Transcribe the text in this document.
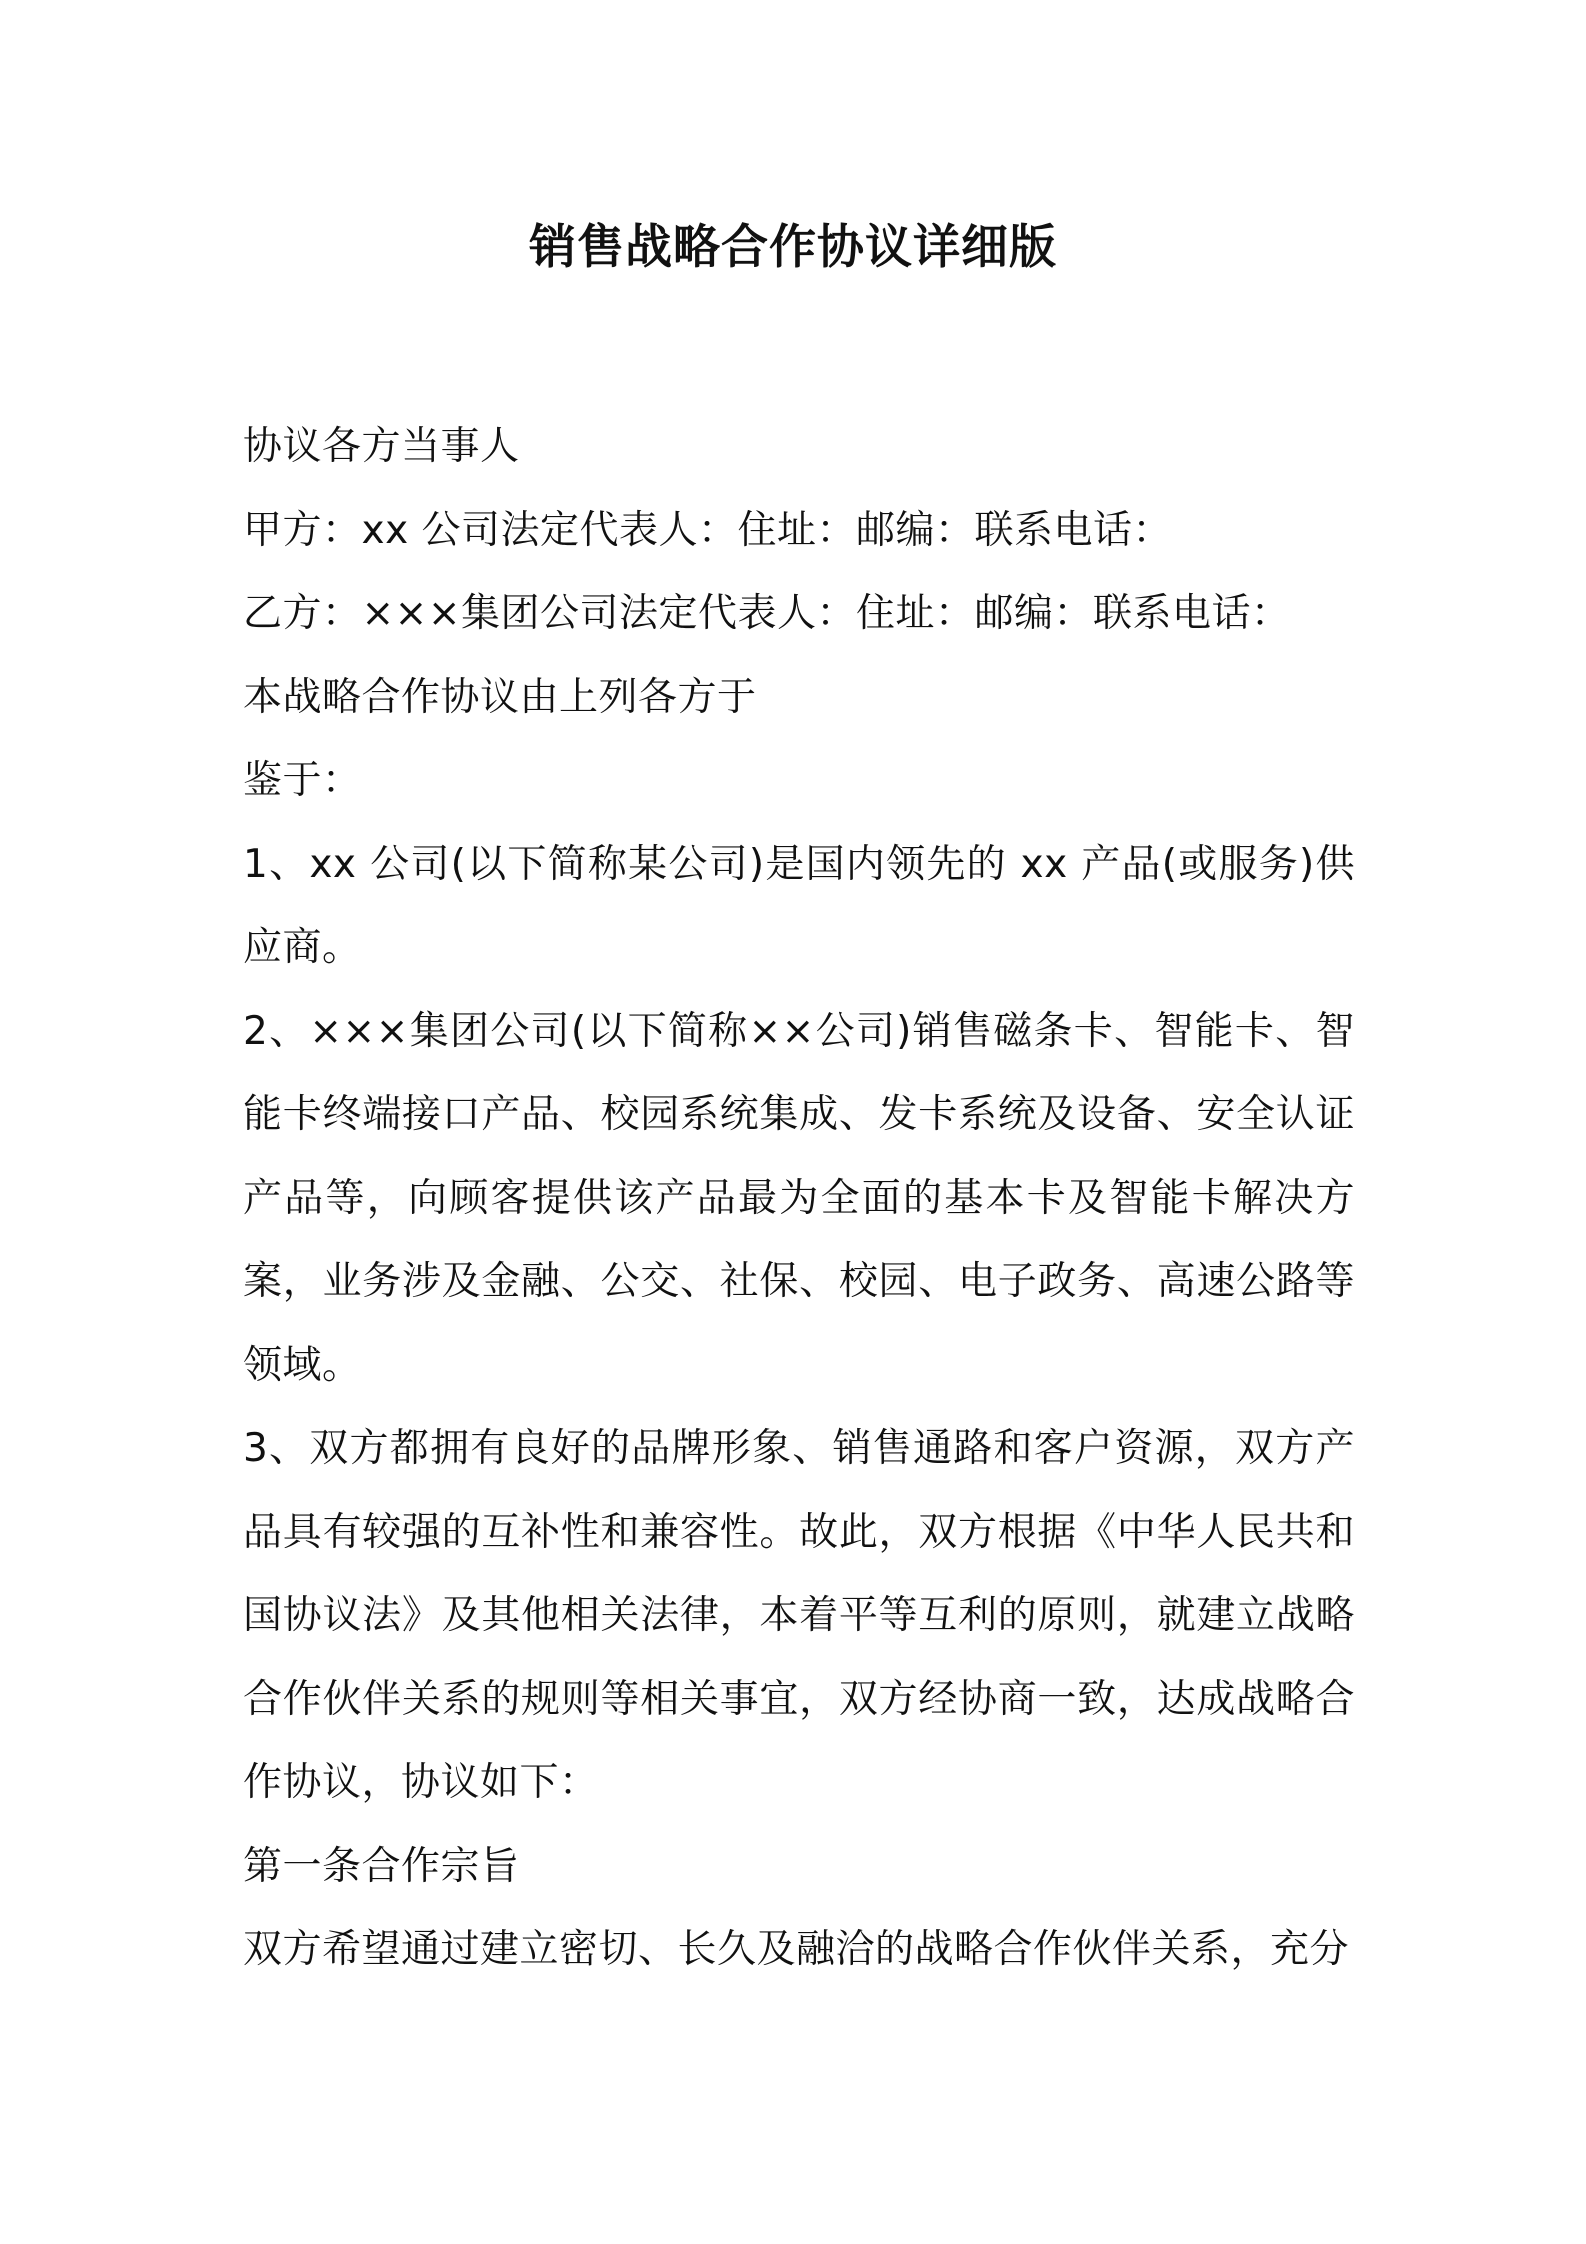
销售战略合作协议详细版

协议各方当事人

甲方：xx 公司法定代表人：住址：邮编：联系电话：

乙方：×××集团公司法定代表人：住址：邮编：联系电话：

本战略合作协议由上列各方于

鉴于：

1、xx 公司(以下简称某公司)是国内领先的 xx 产品(或服务)供应商。

2、×××集团公司(以下简称××公司)销售磁条卡、智能卡、智能卡终端接口产品、校园系统集成、发卡系统及设备、安全认证产品等，向顾客提供该产品最为全面的基本卡及智能卡解决方案，业务涉及金融、公交、社保、校园、电子政务、高速公路等领域。

3、双方都拥有良好的品牌形象、销售通路和客户资源，双方产品具有较强的互补性和兼容性。故此，双方根据《中华人民共和国协议法》及其他相关法律，本着平等互利的原则，就建立战略合作伙伴关系的规则等相关事宜，双方经协商一致，达成战略合作协议，协议如下：

第一条合作宗旨

双方希望通过建立密切、长久及融洽的战略合作伙伴关系，充分
